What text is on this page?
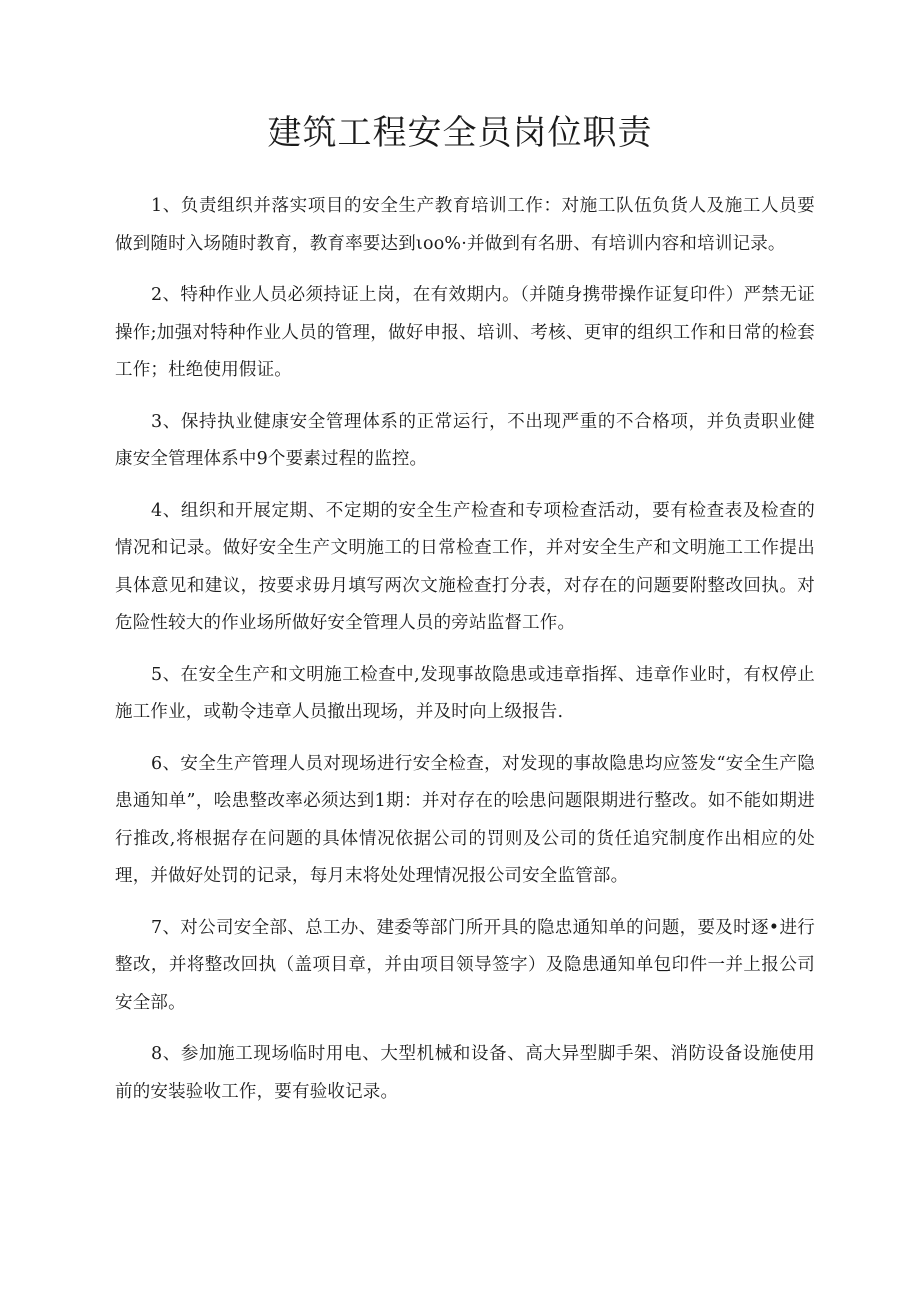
建筑工程安全员岗位职责

1、负责组织并落实项目的安全生产教育培训工作：对施工队伍负货人及施工人员要做到随时入场随时教育，教育率要达到ιoo%·并做到有名册、有培训内容和培训记录。

2、特种作业人员必须持证上岗，在有效期内。（并随身携带操作证复印件）严禁无证操作;加强对特种作业人员的管理，做好申报、培训、考核、更审的组织工作和日常的检套工作；杜绝使用假证。

3、保持执业健康安全管理体系的正常运行，不出现严重的不合格项，并负责职业健康安全管理体系中9个要素过程的监控。

4、组织和开展定期、不定期的安全生产检查和专项检查活动，要有检查表及检查的情况和记录。做好安全生产文明施工的日常检查工作，并对安全生产和文明施工工作提出具体意见和建议，按要求毋月填写两次文施检查打分表，对存在的问题要附整改回执。对危险性较大的作业场所做好安全管理人员的旁站监督工作。

5、在安全生产和文明施工检查中,发现事故隐患或违章指挥、违章作业时，有权停止施工作业，或勒令违章人员撤出现场，并及时向上级报告.

6、安全生产管理人员对现场进行安全检查，对发现的事故隐患均应签发“安全生产隐患通知单”，哙患整改率必须达到1期：并对存在的哙患问题限期进行整改。如不能如期进行推改,将根据存在问题的具体情况依据公司的罚则及公司的货任追究制度作出相应的处理，并做好处罚的记录，每月末将处处理情况报公司安全监管部。

7、对公司安全部、总工办、建委等部门所开具的隐忠通知单的问题，要及时逐•进行整改，并将整改回执（盖项目章，并由项目领导签字）及隐患通知单包印件一并上报公司安全部。

8、参加施工现场临时用电、大型机械和设备、高大异型脚手架、消防设备设施使用前的安装验收工作，要有验收记录。
